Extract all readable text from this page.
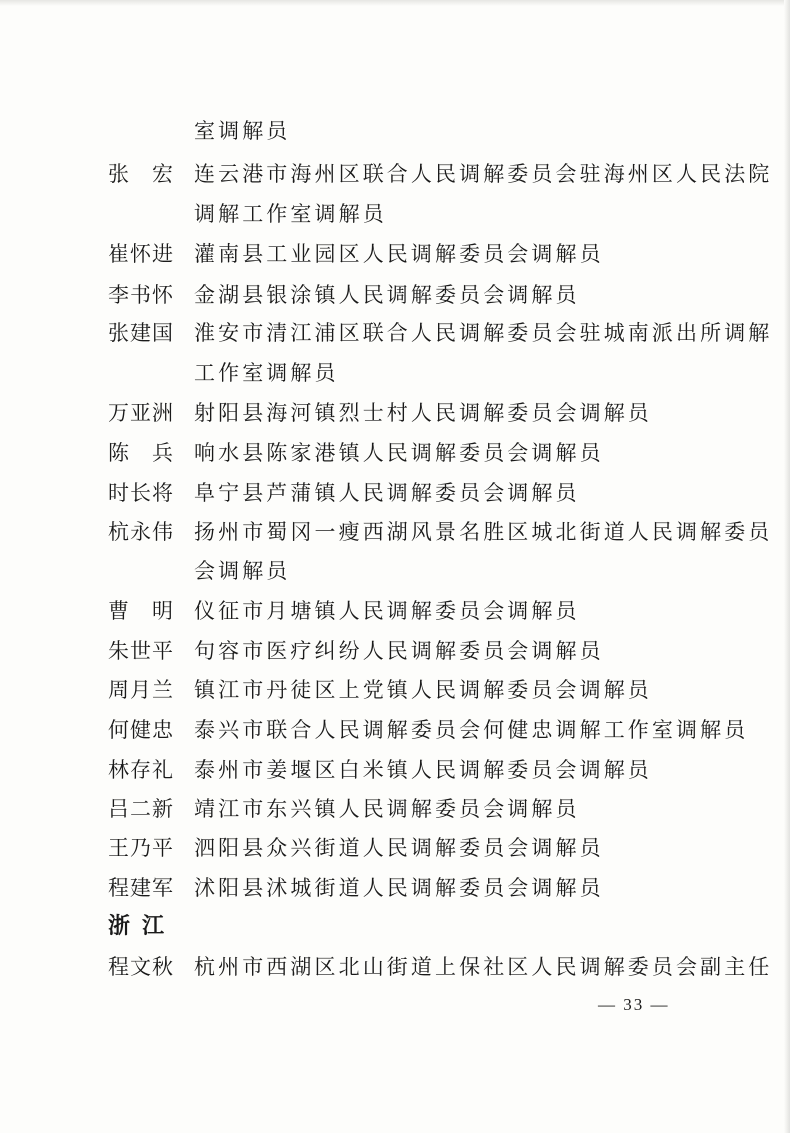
室调解员
张　宏 连云港市海州区联合人民调解委员会驻海州区人民法院
调解工作室调解员
崔怀进 灌南县工业园区人民调解委员会调解员
李书怀 金湖县银涂镇人民调解委员会调解员
张建国 淮安市清江浦区联合人民调解委员会驻城南派出所调解
工作室调解员
万亚洲 射阳县海河镇烈士村人民调解委员会调解员
陈　兵 响水县陈家港镇人民调解委员会调解员
时长将 阜宁县芦蒲镇人民调解委员会调解员
杭永伟 扬州市蜀冈一瘦西湖风景名胜区城北街道人民调解委员
会调解员
曹　明 仪征市月塘镇人民调解委员会调解员
朱世平 句容市医疗纠纷人民调解委员会调解员
周月兰 镇江市丹徒区上党镇人民调解委员会调解员
何健忠 泰兴市联合人民调解委员会何健忠调解工作室调解员
林存礼 泰州市姜堰区白米镇人民调解委员会调解员
吕二新 靖江市东兴镇人民调解委员会调解员
王乃平 泗阳县众兴街道人民调解委员会调解员
程建军 沭阳县沭城街道人民调解委员会调解员
浙江
程文秋 杭州市西湖区北山街道上保社区人民调解委员会副主任
— 33 —
